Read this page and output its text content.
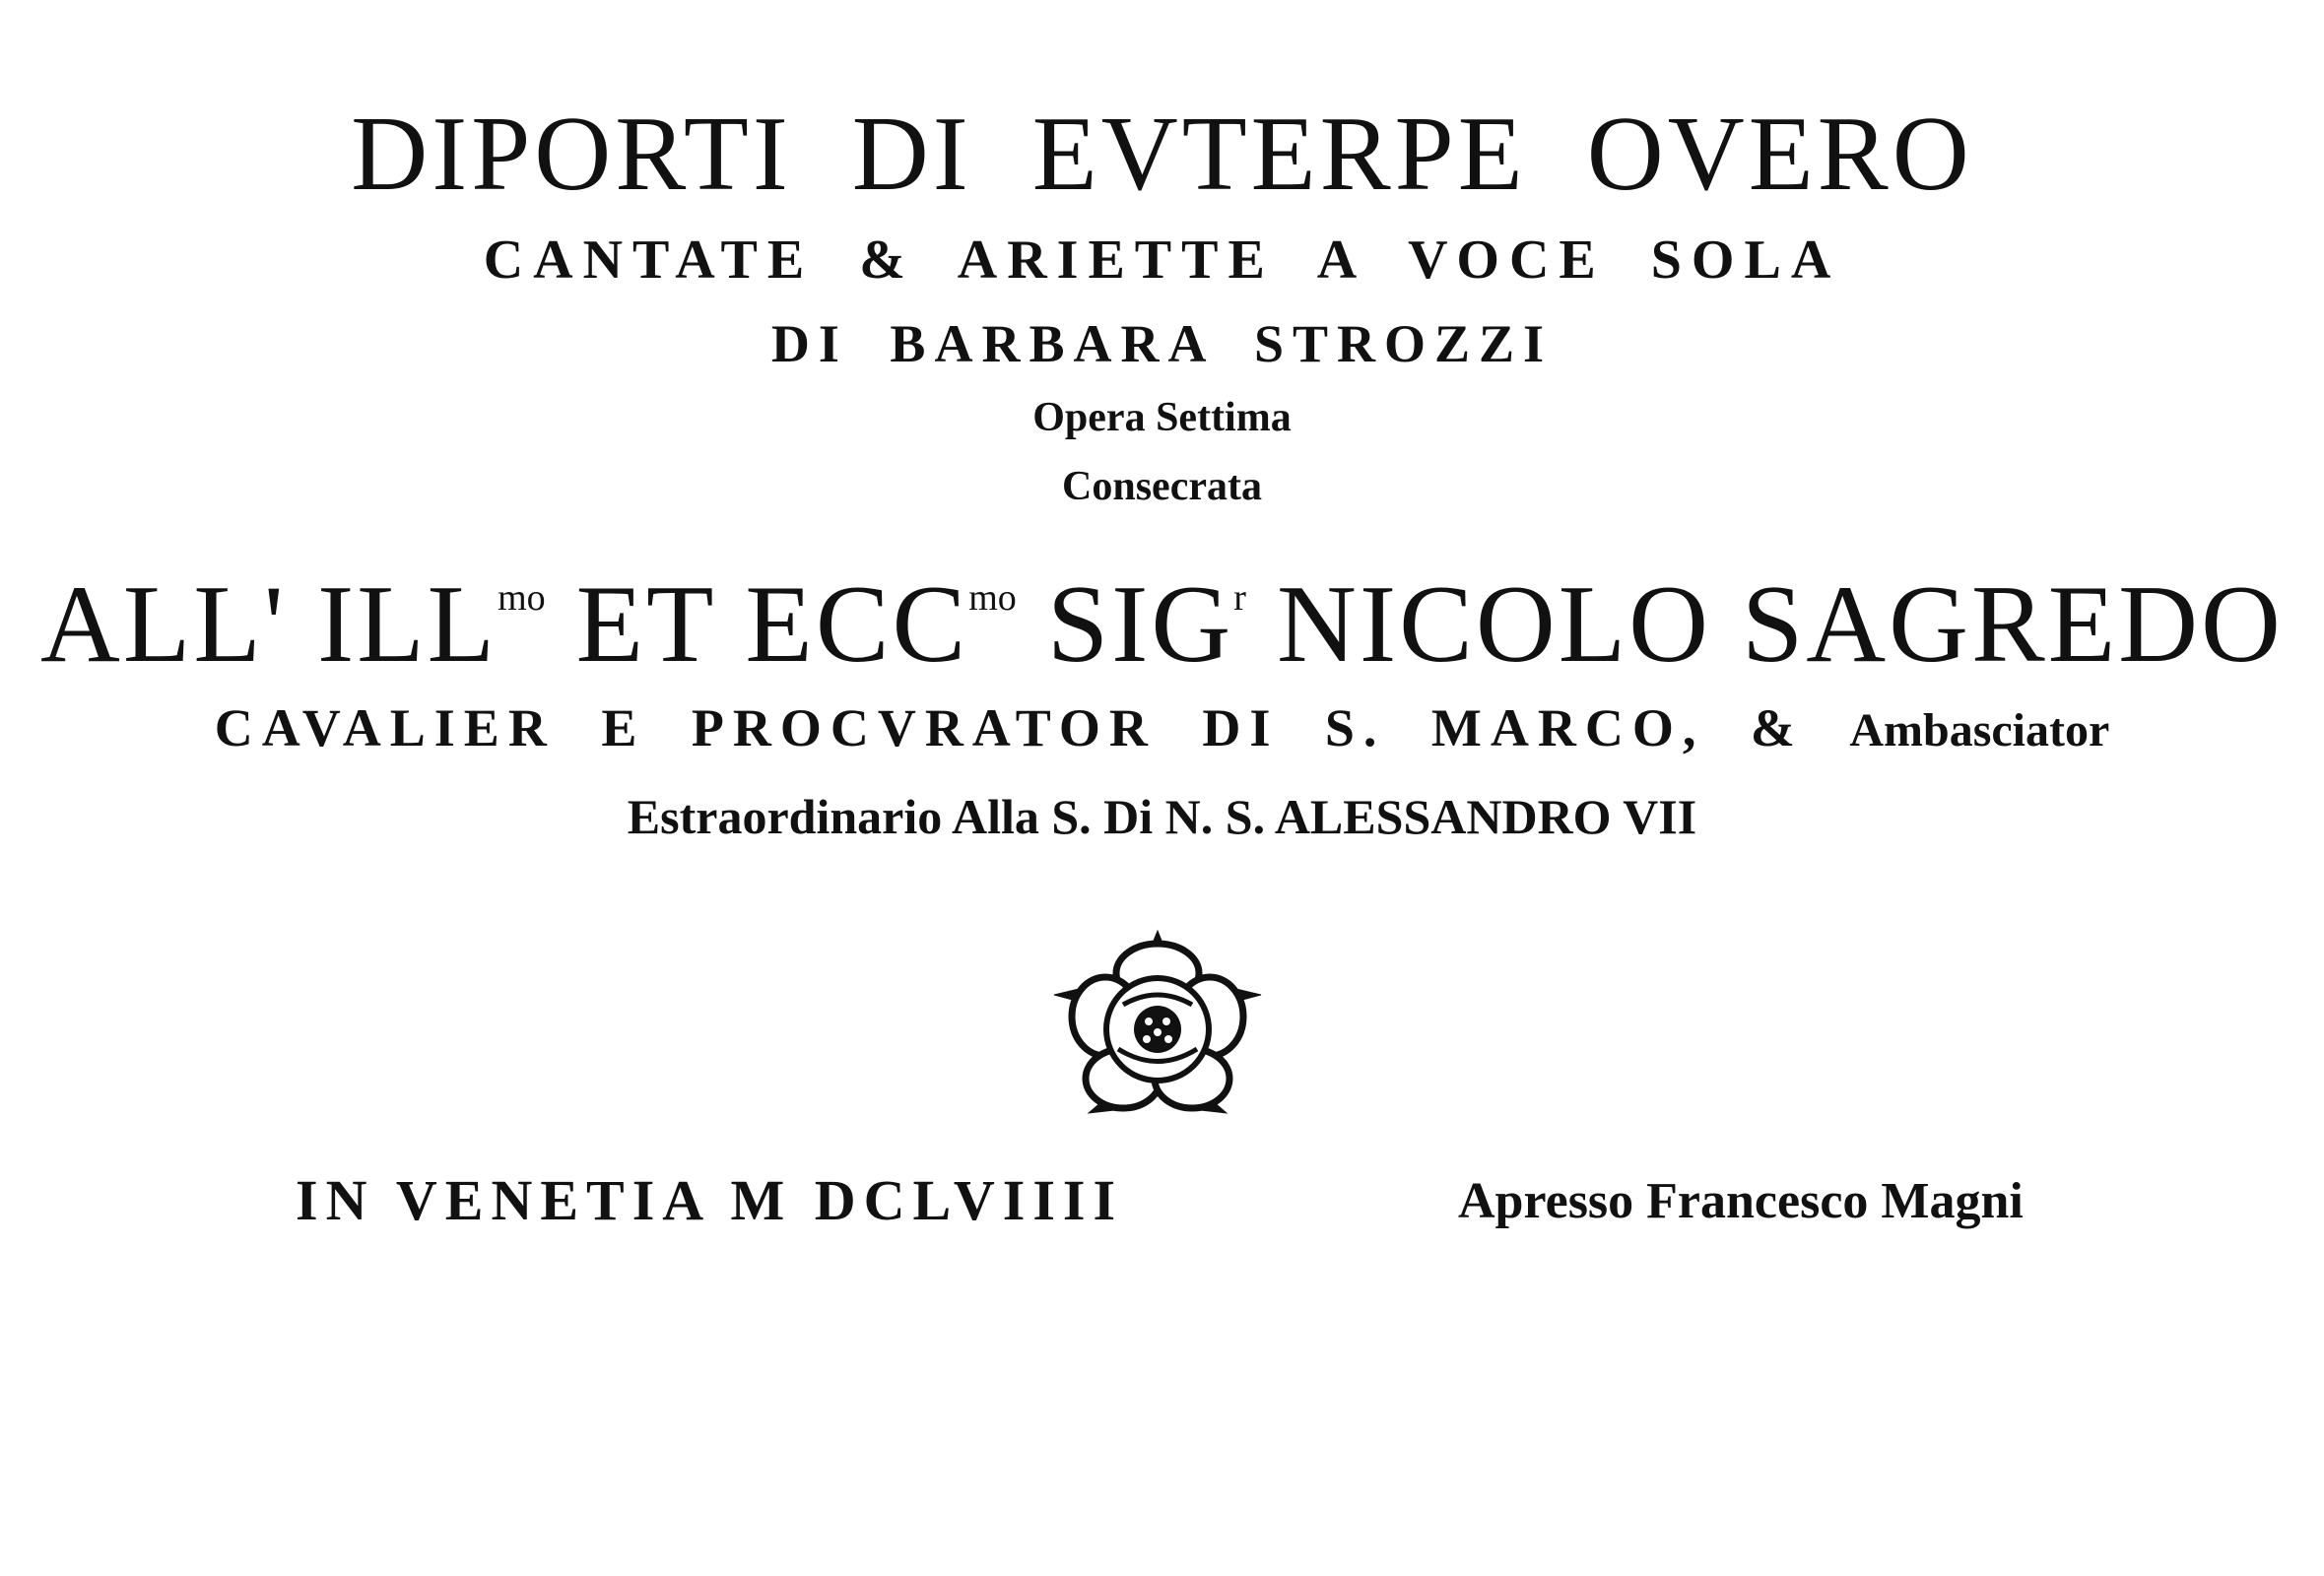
DIPORTI DI EVTERPE OVERO
CANTATE & ARIETTE A VOCE SOLA
DI BARBARA STROZZI
Opera Settima
Consecrata
ALL' $ILL^{mo}$ ET $ECC^{mo}$ SIG$^r$ NICOLO SAGREDO
CAVALIER E PROCVRATOR DI S. MARCO, & Ambasciator
Estraordinario Alla S. Di N. S. ALESSANDRO VII
IN VENETIA M DCLVIIII	Apresso Francesco Magni
